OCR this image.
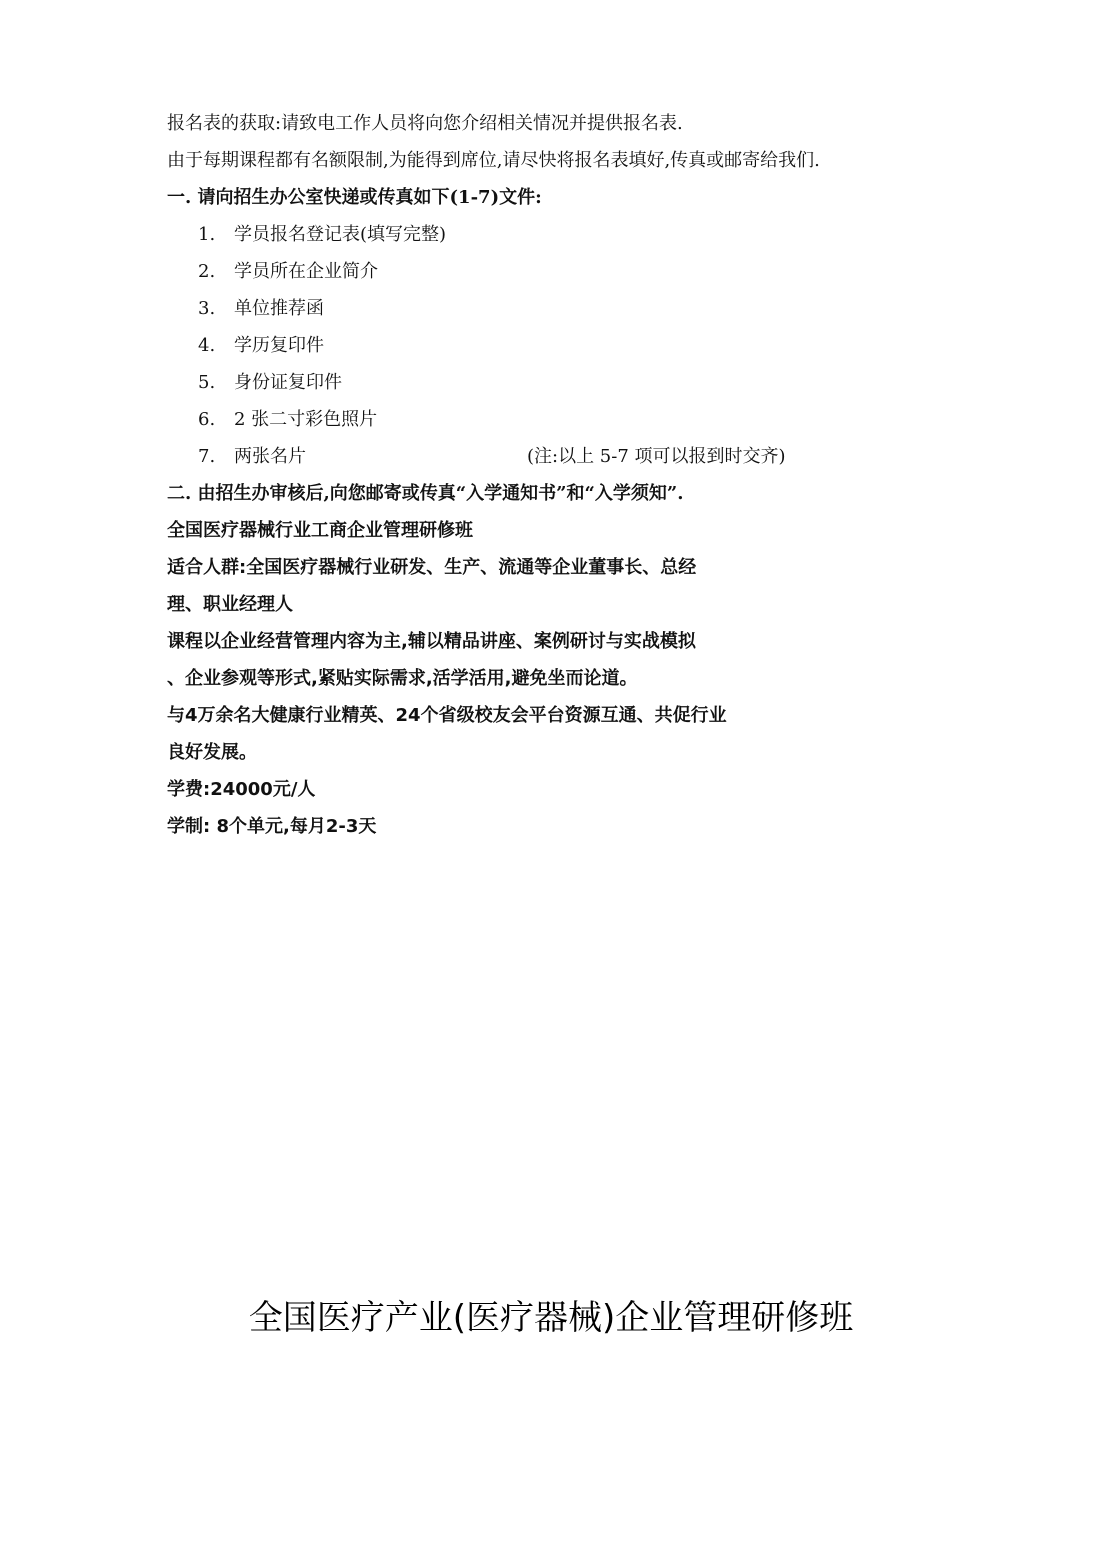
报名表的获取:请致电工作人员将向您介绍相关情况并提供报名表.
由于每期课程都有名额限制,为能得到席位,请尽快将报名表填好,传真或邮寄给我们.
一. 请向招生办公室快递或传真如下(1-7)文件:
1. 学员报名登记表(填写完整)
2. 学员所在企业简介
3. 单位推荐函
4. 学历复印件
5. 身份证复印件
6. 2 张二寸彩色照片
7. 两张名片	(注:以上 5-7 项可以报到时交齐)
二. 由招生办审核后,向您邮寄或传真“入学通知书”和“入学须知”.
全国医疗器械行业工商企业管理研修班
适合人群:全国医疗器械行业研发、生产、流通等企业董事长、总经
理、职业经理人
课程以企业经营管理内容为主,辅以精品讲座、案例研讨与实战模拟
、企业参观等形式,紧贴实际需求,活学活用,避免坐而论道。
与4万余名大健康行业精英、24个省级校友会平台资源互通、共促行业
良好发展。
学费:24000元/人
学制: 8个单元,每月2-3天
全国医疗产业(医疗器械)企业管理研修班
